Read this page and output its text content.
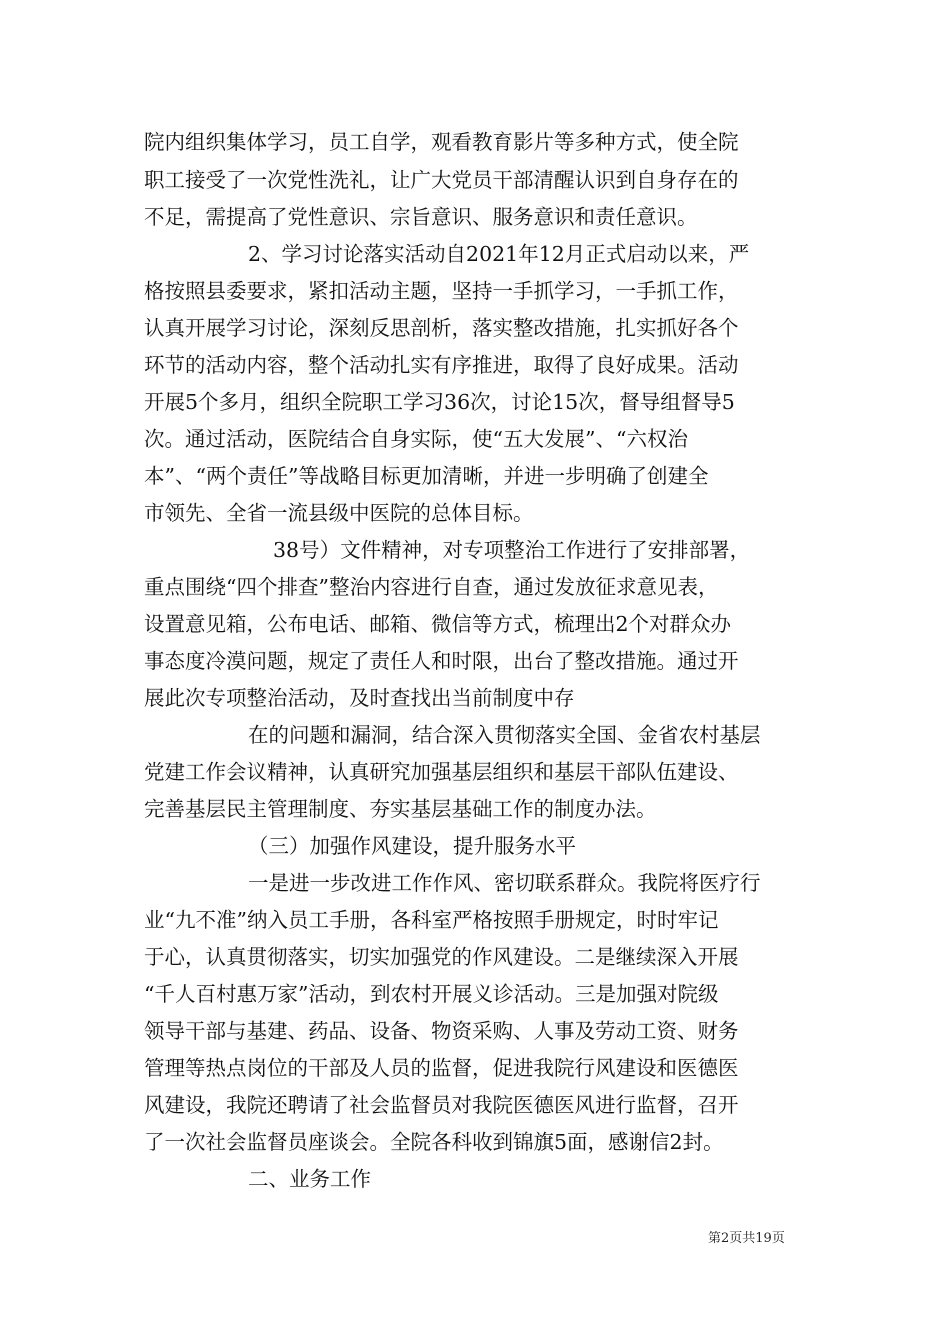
院内组织集体学习，员工自学，观看教育影片等多种方式，使全院
职工接受了一次党性洗礼，让广大党员干部清醒认识到自身存在的
不足，需提高了党性意识、宗旨意识、服务意识和责任意识。
2、学习讨论落实活动自2021年12月正式启动以来，严
格按照县委要求，紧扣活动主题，坚持一手抓学习，一手抓工作，
认真开展学习讨论，深刻反思剖析，落实整改措施，扎实抓好各个
环节的活动内容，整个活动扎实有序推进，取得了良好成果。活动
开展5个多月，组织全院职工学习36次，讨论15次，督导组督导5
次。通过活动，医院结合自身实际，使“五大发展”、“六权治
本”、“两个责任”等战略目标更加清晰，并进一步明确了创建全
市领先、全省一流县级中医院的总体目标。
38号）文件精神，对专项整治工作进行了安排部署，
重点围绕“四个排查”整治内容进行自查，通过发放征求意见表，
设置意见箱，公布电话、邮箱、微信等方式，梳理出2个对群众办
事态度冷漠问题，规定了责任人和时限，出台了整改措施。通过开
展此次专项整治活动，及时查找出当前制度中存
在的问题和漏洞，结合深入贯彻落实全国、金省农村基层
党建工作会议精神，认真研究加强基层组织和基层干部队伍建设、
完善基层民主管理制度、夯实基层基础工作的制度办法。
（三）加强作风建设，提升服务水平
一是进一步改进工作作风、密切联系群众。我院将医疗行
业“九不准”纳入员工手册，各科室严格按照手册规定，时时牢记
于心，认真贯彻落实，切实加强党的作风建设。二是继续深入开展
“千人百村惠万家”活动，到农村开展义诊活动。三是加强对院级
领导干部与基建、药品、设备、物资采购、人事及劳动工资、财务
管理等热点岗位的干部及人员的监督，促进我院行风建设和医德医
风建设，我院还聘请了社会监督员对我院医德医风进行监督，召开
了一次社会监督员座谈会。全院各科收到锦旗5面，感谢信2封。
二、业务工作
第2页共19页
